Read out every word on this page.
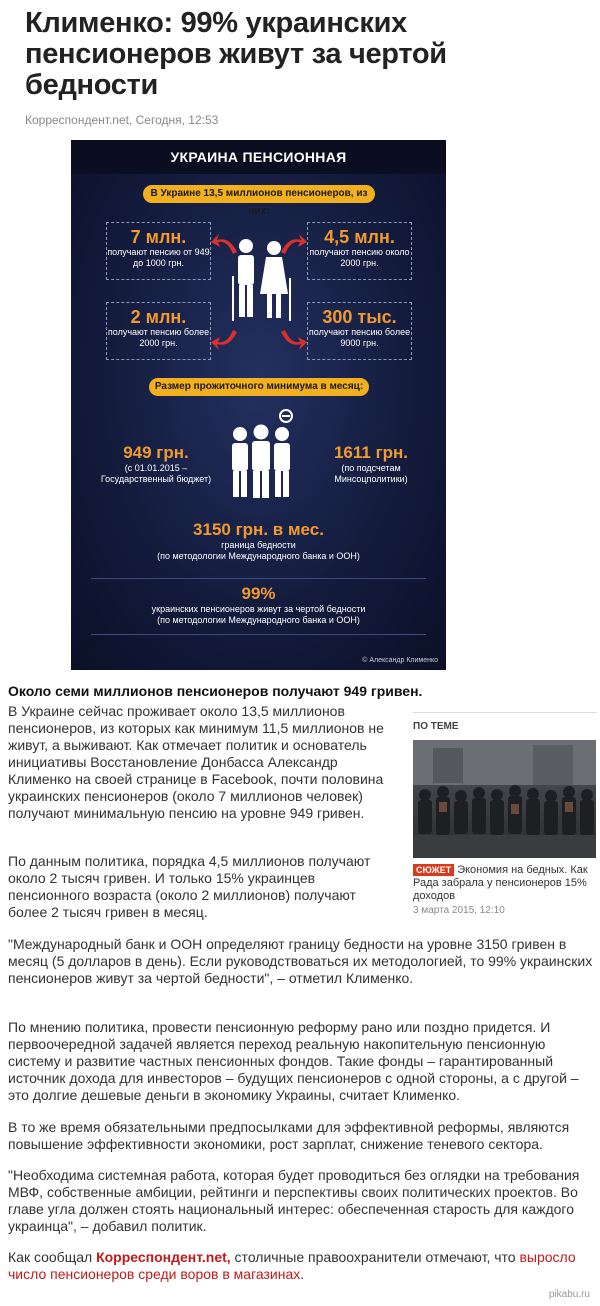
Клименко: 99% украинских пенсионеров живут за чертой бедности
Корреспондент.net, Сегодня, 12:53
УКРАИНА ПЕНСИОННАЯ
В Украине 13,5 миллионов пенсионеров, из них:
7 млн.
получают пенсию от 949 до 1000 грн.
4,5 млн.
получают пенсию около 2000 грн.
2 млн.
получают пенсию более 2000 грн.
300 тыс.
получают пенсию более 9000 грн.
Размер прожиточного минимума в месяц:
949 грн.
(с 01.01.2015 – Государственный бюджет)
1611 грн.
(по подсчетам Минсоцполитики)
3150 грн. в мес.
граница бедности
(по методологии Международного банка и ООН)
99%
украинских пенсионеров живут за чертой бедности
(по методологии Международного банка и ООН)
© Александр Клименко
Около семи миллионов пенсионеров получают 949 гривен.

В Украине сейчас проживает около 13,5 миллионов пенсионеров, из которых как минимум 11,5 миллионов не живут, а выживают. Как отмечает политик и основатель инициативы Восстановление Донбасса Александр Клименко на своей странице в Facebook, почти половина украинских пенсионеров (около 7 миллионов человек) получают минимальную пенсию на уровне 949 гривен.

По данным политика, порядка 4,5 миллионов получают около 2 тысяч гривен. И только 15% украинцев пенсионного возраста (около 2 миллионов) получают более 2 тысяч гривен в месяц.

"Международный банк и ООН определяют границу бедности на уровне 3150 гривен в месяц (5 долларов в день). Если руководствоваться их методологией, то 99% украинских пенсионеров живут за чертой бедности", – отметил Клименко.

По мнению политика, провести пенсионную реформу рано или поздно придется. И первоочередной задачей является переход реальную накопительную пенсионную систему и развитие частных пенсионных фондов. Такие фонды – гарантированный источник дохода для инвесторов – будущих пенсионеров с одной стороны, а с другой – это долгие дешевые деньги в экономику Украины, считает Клименко.

В то же время обязательными предпосылками для эффективной реформы, являются повышение эффективности экономики, рост зарплат, снижение теневого сектора.

"Необходима системная работа, которая будет проводиться без оглядки на требования МВФ, собственные амбиции, рейтинги и перспективы своих политических проектов. Во главе угла должен стоять национальный интерес: обеспеченная старость для каждого украинца", – добавил политик.

Как сообщал Корреспондент.net, столичные правоохранители отмечают, что выросло число пенсионеров среди воров в магазинах.

ПО ТЕМЕ
СЮЖЕТ Экономия на бедных. Как Рада забрала у пенсионеров 15% доходов
3 марта 2015, 12:10
pikabu.ru
